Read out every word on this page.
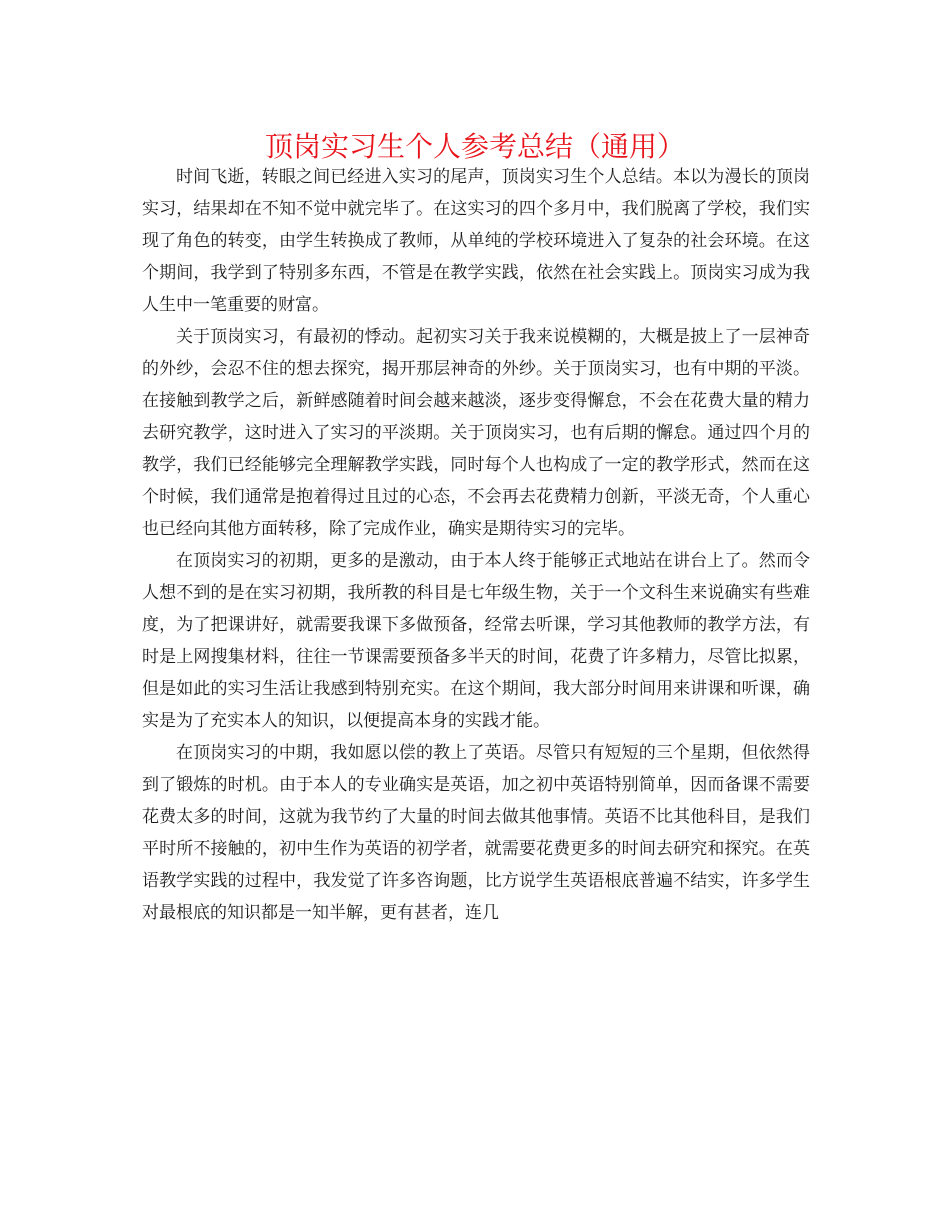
顶岗实习生个人参考总结（通用）

时间飞逝，转眼之间已经进入实习的尾声，顶岗实习生个人总结。本以为漫长的顶岗实习，结果却在不知不觉中就完毕了。在这实习的四个多月中，我们脱离了学校，我们实现了角色的转变，由学生转换成了教师，从单纯的学校环境进入了复杂的社会环境。在这个期间，我学到了特别多东西，不管是在教学实践，依然在社会实践上。顶岗实习成为我人生中一笔重要的财富。

关于顶岗实习，有最初的悸动。起初实习关于我来说模糊的，大概是披上了一层神奇的外纱，会忍不住的想去探究，揭开那层神奇的外纱。关于顶岗实习，也有中期的平淡。在接触到教学之后，新鲜感随着时间会越来越淡，逐步变得懈怠，不会在花费大量的精力去研究教学，这时进入了实习的平淡期。关于顶岗实习，也有后期的懈怠。通过四个月的教学，我们已经能够完全理解教学实践，同时每个人也构成了一定的教学形式，然而在这个时候，我们通常是抱着得过且过的心态，不会再去花费精力创新，平淡无奇，个人重心也已经向其他方面转移，除了完成作业，确实是期待实习的完毕。

在顶岗实习的初期，更多的是激动，由于本人终于能够正式地站在讲台上了。然而令人想不到的是在实习初期，我所教的科目是七年级生物，关于一个文科生来说确实有些难度，为了把课讲好，就需要我课下多做预备，经常去听课，学习其他教师的教学方法，有时是上网搜集材料，往往一节课需要预备多半天的时间，花费了许多精力，尽管比拟累，但是如此的实习生活让我感到特别充实。在这个期间，我大部分时间用来讲课和听课，确实是为了充实本人的知识，以便提高本身的实践才能。

在顶岗实习的中期，我如愿以偿的教上了英语。尽管只有短短的三个星期，但依然得到了锻炼的时机。由于本人的专业确实是英语，加之初中英语特别简单，因而备课不需要花费太多的时间，这就为我节约了大量的时间去做其他事情。英语不比其他科目，是我们平时所不接触的，初中生作为英语的初学者，就需要花费更多的时间去研究和探究。在英语教学实践的过程中，我发觉了许多咨询题，比方说学生英语根底普遍不结实，许多学生对最根底的知识都是一知半解，更有甚者，连几
